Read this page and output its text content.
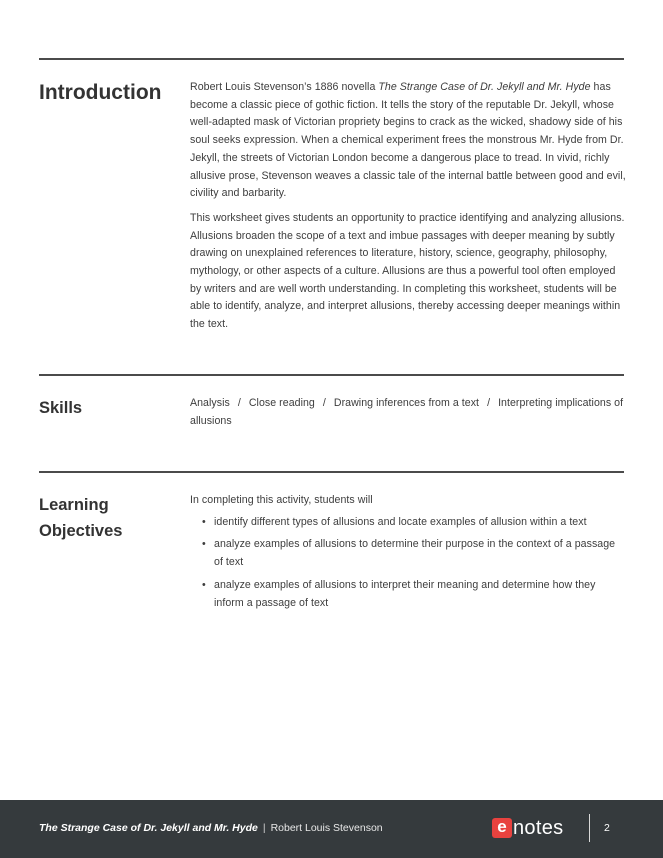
Introduction	Robert Louis Stevenson’s 1886 novella The Strange Case of Dr. Jekyll and Mr. Hyde has become a classic piece of gothic fiction. It tells the story of the reputable Dr. Jekyll, whose well-adapted mask of Victorian propriety begins to crack as the wicked, shadowy side of his soul seeks expression. When a chemical experiment frees the monstrous Mr. Hyde from Dr. Jekyll, the streets of Victorian London become a dangerous place to tread. In vivid, richly allusive prose, Stevenson weaves a classic tale of the internal battle between good and evil, civility and barbarity.

This worksheet gives students an opportunity to practice identifying and analyzing allusions. Allusions broaden the scope of a text and imbue passages with deeper meaning by subtly drawing on unexplained references to literature, history, science, geography, philosophy, mythology, or other aspects of a culture. Allusions are thus a powerful tool often employed by writers and are well worth understanding. In completing this worksheet, students will be able to identify, analyze, and interpret allusions, thereby accessing deeper meanings within the text.

Skills	Analysis / Close reading / Drawing inferences from a text / Interpreting implications of allusions
Learning
Objectives
In completing this activity, students will
• identify different types of allusions and locate examples of allusion within a text
• analyze examples of allusions to determine their purpose in the context of a passage of text
• analyze examples of allusions to interpret their meaning and determine how they inform a passage of text
The Strange Case of Dr. Jekyll and Mr. Hyde | Robert Louis Stevenson	e notes	2
